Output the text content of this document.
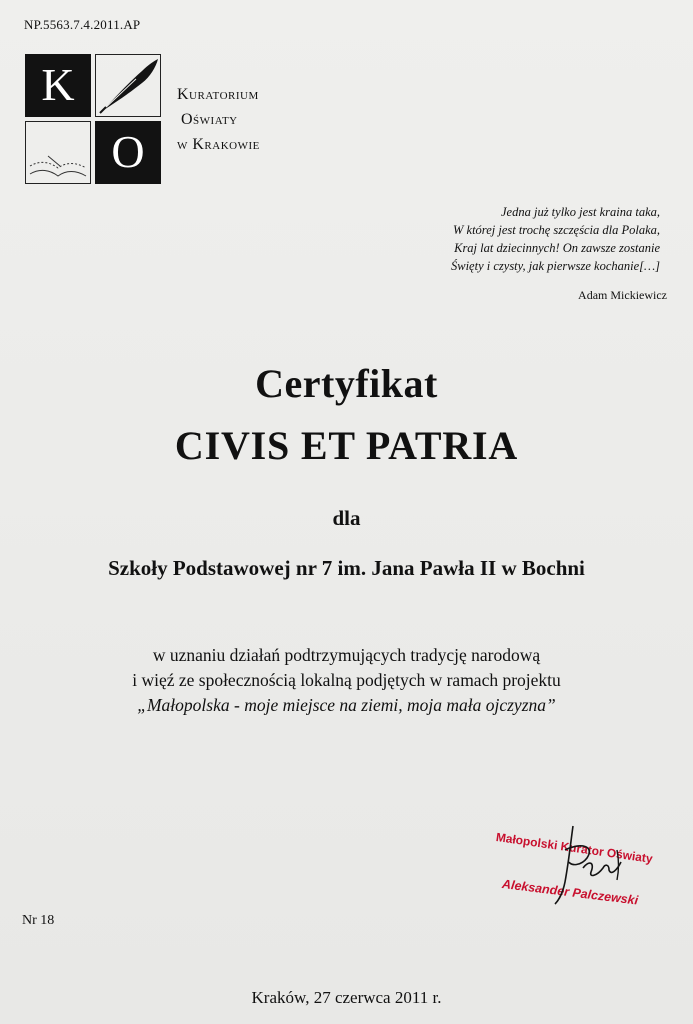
NP.5563.7.4.2011.AP
K
O
Kuratorium
Oświaty
w Krakowie
Jedna już tylko jest kraina taka,
W której jest trochę szczęścia dla Polaka,
Kraj lat dziecinnych! On zawsze zostanie
Święty i czysty, jak pierwsze kochanie[…]
Adam Mickiewicz
Certyfikat
CIVIS ET PATRIA
dla
Szkoły Podstawowej nr 7 im. Jana Pawła II w Bochni
w uznaniu działań podtrzymujących tradycję narodową
i więź ze społecznością lokalną podjętych w ramach projektu
„Małopolska - moje miejsce na ziemi, moja mała ojczyzna”
Małopolski Kurator Oświaty
Aleksander Palczewski
Nr 18
Kraków, 27 czerwca 2011 r.
